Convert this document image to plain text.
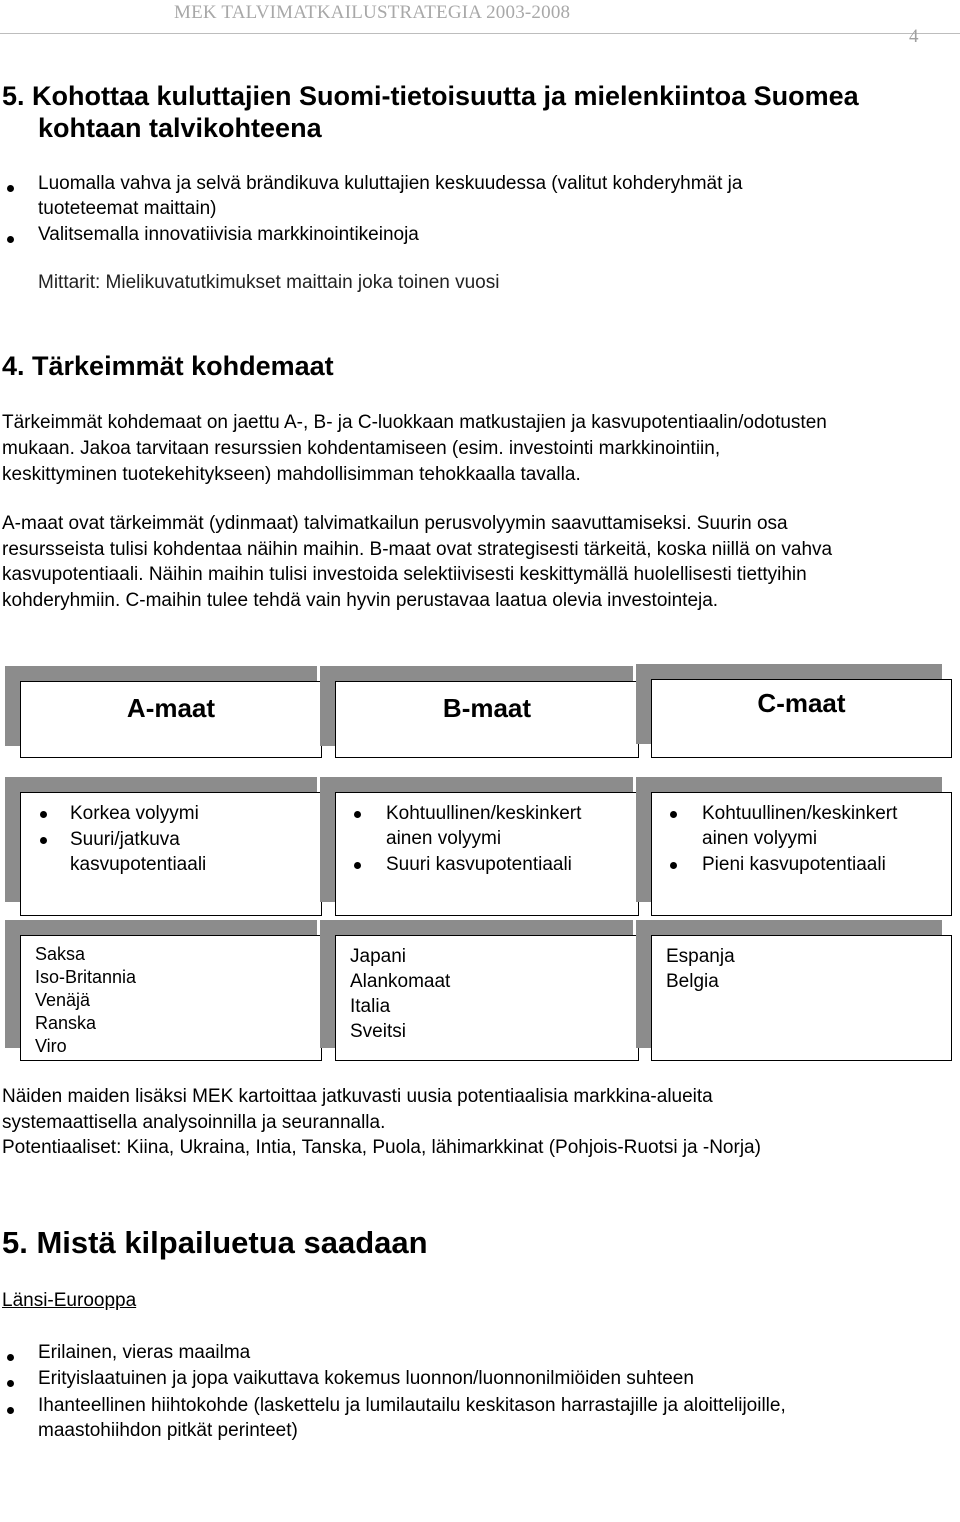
MEK TALVIMATKAILUSTRATEGIA 2003-2008
4
5. Kohottaa kuluttajien Suomi-tietoisuutta ja mielenkiintoa Suomea
kohtaan talvikohteena
Luomalla vahva ja selvä brändikuva kuluttajien keskuudessa (valitut kohderyhmät ja
tuoteteemat maittain)
Valitsemalla innovatiivisia markkinointikeinoja
Mittarit: Mielikuvatutkimukset maittain joka toinen vuosi
4. Tärkeimmät kohdemaat
Tärkeimmät kohdemaat on jaettu A-, B- ja C-luokkaan matkustajien ja kasvupotentiaalin/odotusten
mukaan. Jakoa tarvitaan resurssien kohdentamiseen (esim. investointi markkinointiin,
keskittyminen tuotekehitykseen) mahdollisimman tehokkaalla tavalla.
A-maat ovat tärkeimmät (ydinmaat) talvimatkailun perusvolyymin saavuttamiseksi. Suurin osa
resursseista tulisi kohdentaa näihin maihin. B-maat ovat strategisesti tärkeitä, koska niillä on vahva
kasvupotentiaali. Näihin maihin tulisi investoida selektiivisesti keskittymällä huolellisesti tiettyihin
kohderyhmiin. C-maihin tulee tehdä vain hyvin perustavaa laatua olevia investointeja.
A-maat	B-maat	C-maat
Korkea volyymi
Suuri/jatkuva
kasvupotentiaali
Kohtuullinen/keskinkert
ainen volyymi
Suuri kasvupotentiaali
Kohtuullinen/keskinkert
ainen volyymi
Pieni kasvupotentiaali
Saksa
Iso-Britannia
Venäjä
Ranska
Viro
Japani
Alankomaat
Italia
Sveitsi
Espanja
Belgia
Näiden maiden lisäksi MEK kartoittaa jatkuvasti uusia potentiaalisia markkina-alueita
systemaattisella analysoinnilla ja seurannalla.
Potentiaaliset: Kiina, Ukraina, Intia, Tanska, Puola, lähimarkkinat (Pohjois-Ruotsi ja -Norja)
5. Mistä kilpailuetua saadaan
Länsi-Eurooppa
Erilainen, vieras maailma
Erityislaatuinen ja jopa vaikuttava kokemus luonnon/luonnonilmiöiden suhteen
Ihanteellinen hiihtokohde (laskettelu ja lumilautailu keskitason harrastajille ja aloittelijoille,
maastohiihdon pitkät perinteet)
